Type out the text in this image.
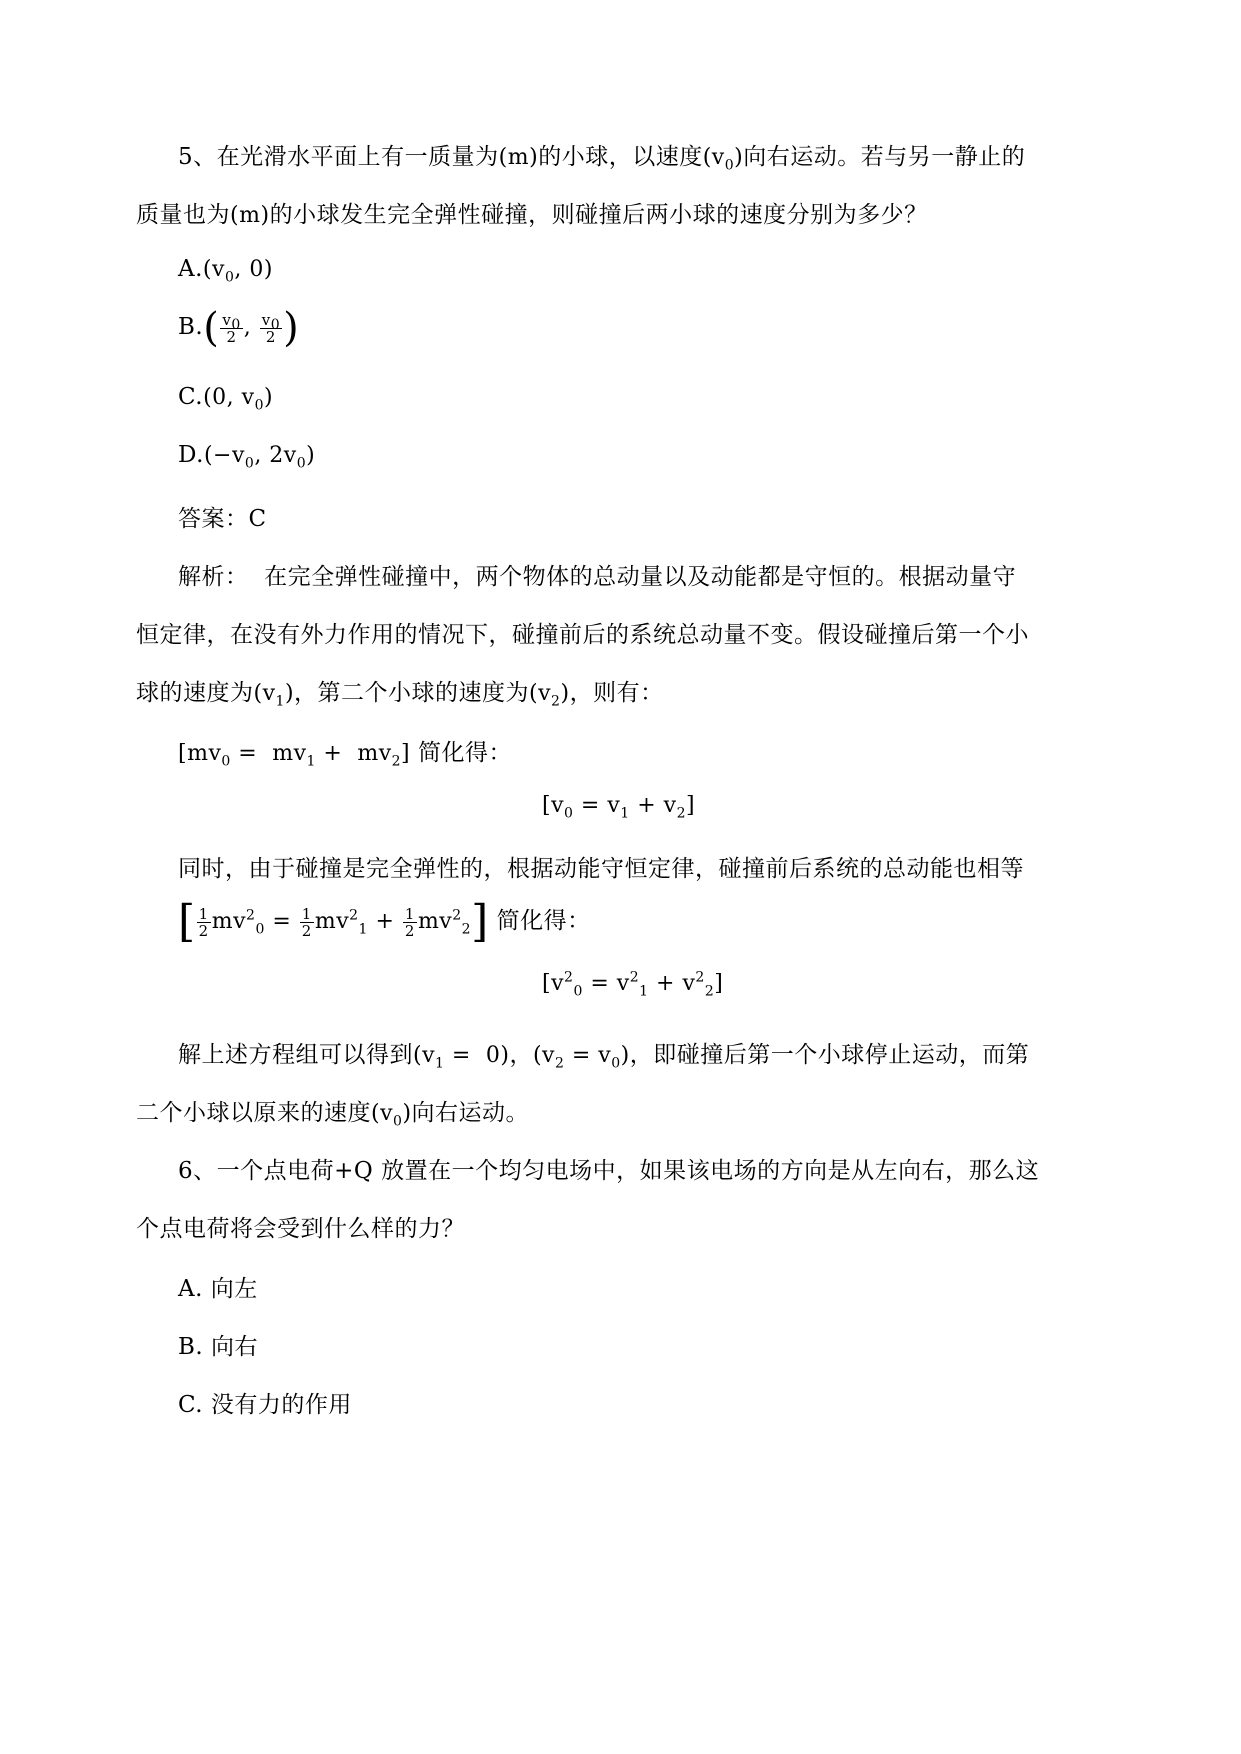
5、在光滑水平面上有一质量为(m)的小球，以速度$(v_0)$向右运动。若与另一静止的
质量也为(m)的小球发生完全弹性碰撞，则碰撞后两小球的速度分别为多少？
$A.(v_0$, 0)
$B.( \frac{v_0}{2}$ , $\frac{v_0}{2}$ )
C.(0, $v_0$)
$D.(-v_0$, $2v_0$)
答案：C
解析： 在完全弹性碰撞中，两个物体的总动量以及动能都是守恒的。根据动量守
恒定律，在没有外力作用的情况下，碰撞前后的系统总动量不变。假设碰撞后第一个小
球的速度为$(v_1)$，第二个小球的速度为$(v_2)$，则有：
$[mv_0 = mv_1 + mv_2]$ 简化得：
$[v_0 = v_1 + v_2]$
同时，由于碰撞是完全弹性的，根据动能守恒定律，碰撞前后系统的总动能也相等
[ $\frac{1}{2} mv^2_0 = \frac{1}{2} mv^2_1 + \frac{1}{2} mv^2_2$] 简化得：
$[v^2_0 = v^2_1 + v^2_2]$
解上述方程组可以得到$(v_1 = 0)$，$(v_2 = v_0)$，即碰撞后第一个小球停止运动，而第
二个小球以原来的速度$(v_0)$向右运动。
6、一个点电荷+Q 放置在一个均匀电场中，如果该电场的方向是从左向右，那么这
个点电荷将会受到什么样的力？
A. 向左
B. 向右
C. 没有力的作用
